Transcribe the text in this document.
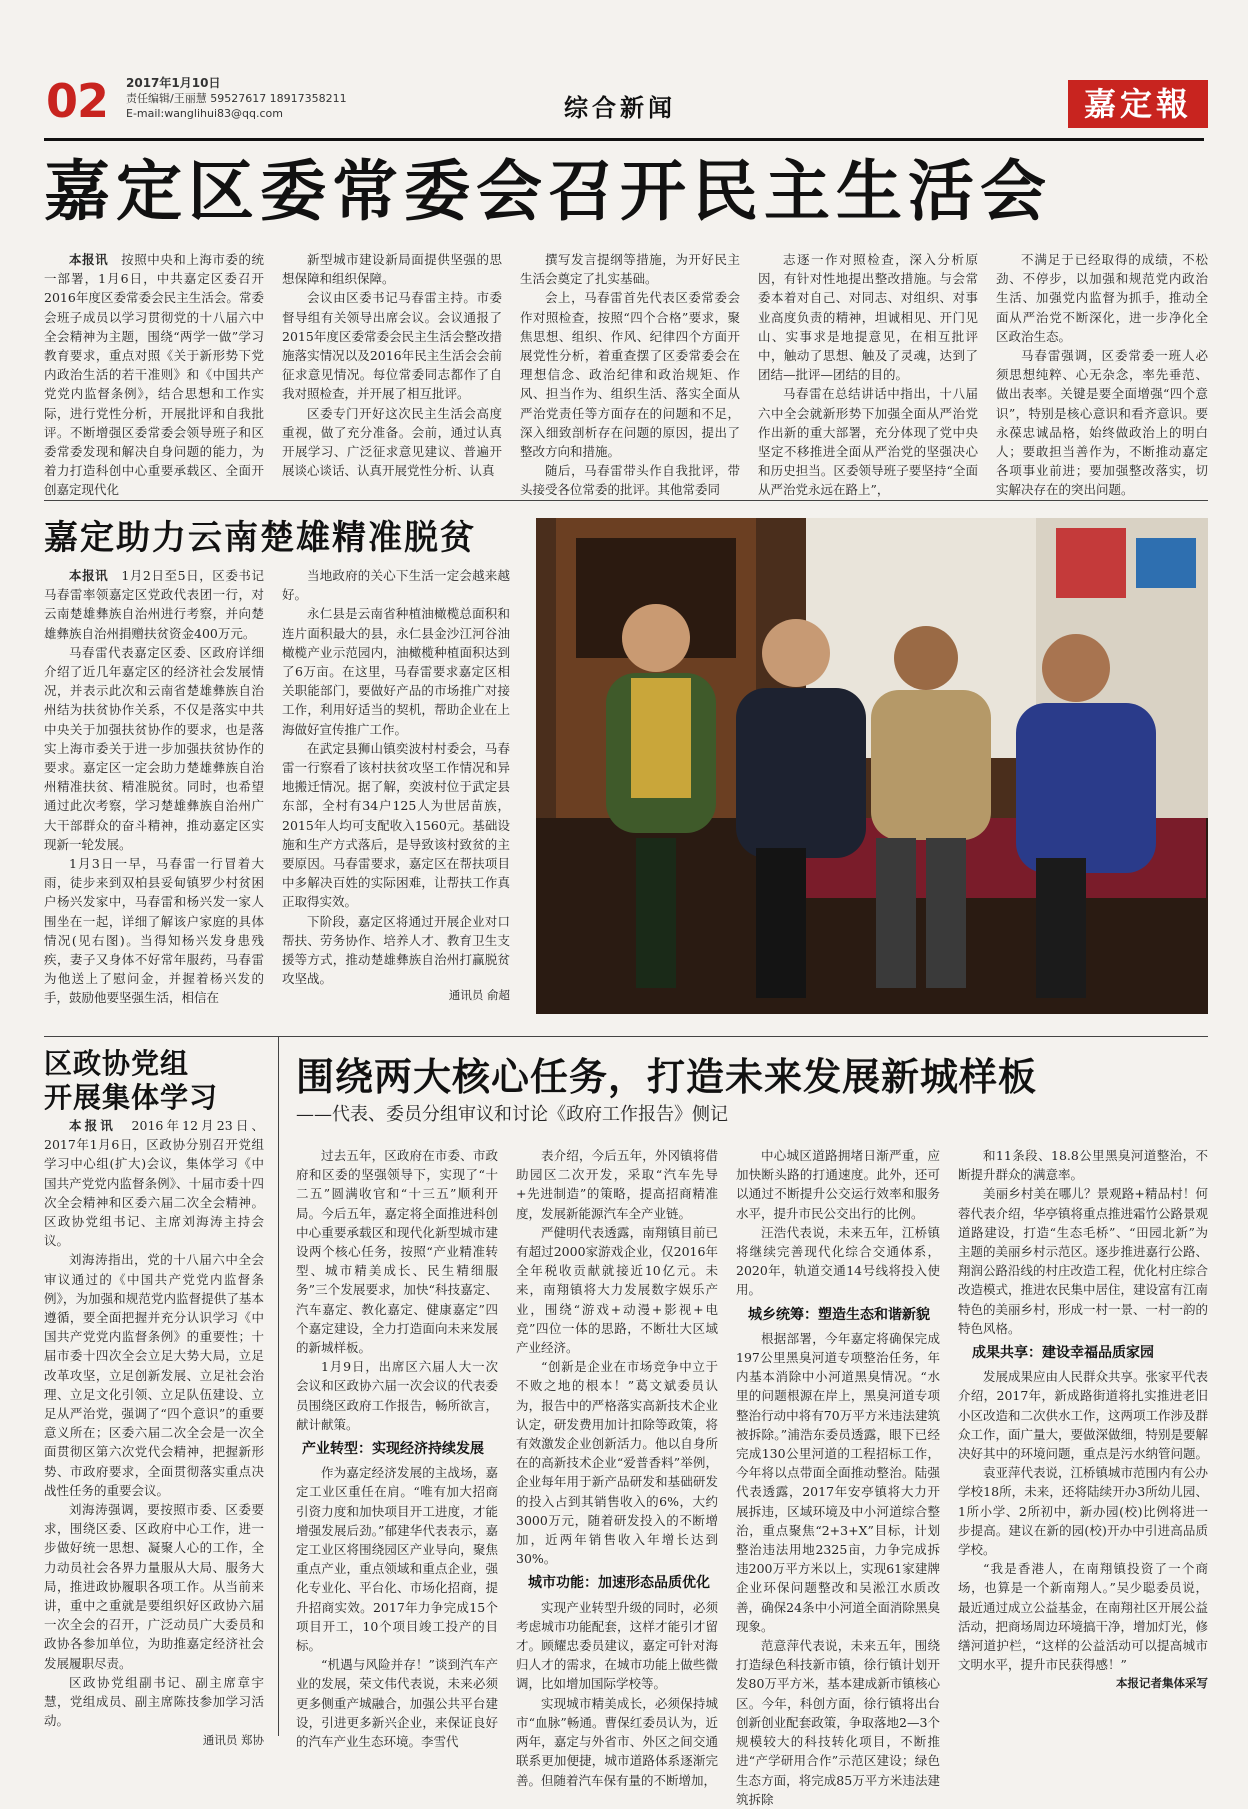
02 2017年1月10日
责任编辑/王丽慧 59527617 18917358211
E-mail:wanglihui83@qq.com	综合新闻	嘉定報
嘉定区委常委会召开民主生活会

本报讯　 按照中央和上海市委的统一部署，1月6日，中共嘉定区委召开2016年度区委常委会民主生活会。常委会班子成员以学习贯彻党的十八届六中全会精神为主题，围绕“两学一做”学习教育要求，重点对照《关于新形势下党内政治生活的若干准则》和《中国共产党党内监督条例》，结合思想和工作实际，进行党性分析，开展批评和自我批评。不断增强区委常委会领导班子和区委常委发现和解决自身问题的能力，为着力打造科创中心重要承载区、全面开创嘉定现代化

新型城市建设新局面提供坚强的思想保障和组织保障。

会议由区委书记马春雷主持。市委督导组有关领导出席会议。会议通报了2015年度区委常委会民主生活会整改措施落实情况以及2016年民主生活会会前征求意见情况。每位常委同志都作了自我对照检查，并开展了相互批评。

区委专门开好这次民主生活会高度重视，做了充分准备。会前，通过认真开展学习、广泛征求意见建议、普遍开展谈心谈话、认真开展党性分析、认真

撰写发言提纲等措施，为开好民主生活会奠定了扎实基础。

会上，马春雷首先代表区委常委会作对照检查，按照“四个合格”要求，聚焦思想、组织、作风、纪律四个方面开展党性分析，着重查摆了区委常委会在理想信念、政治纪律和政治规矩、作风、担当作为、组织生活、落实全面从严治党责任等方面存在的问题和不足，深入细致剖析存在问题的原因，提出了整改方向和措施。

随后，马春雷带头作自我批评，带头接受各位常委的批评。其他常委同

志逐一作对照检查，深入分析原因，有针对性地提出整改措施。与会常委本着对自己、对同志、对组织、对事业高度负责的精神，坦诚相见、开门见山、实事求是地提意见，在相互批评中，触动了思想、触及了灵魂，达到了团结—批评—团结的目的。

马春雷在总结讲话中指出，十八届六中全会就新形势下加强全面从严治党作出新的重大部署，充分体现了党中央坚定不移推进全面从严治党的坚强决心和历史担当。区委领导班子要坚持“全面从严治党永远在路上”，

不满足于已经取得的成绩，不松劲、不停步，以加强和规范党内政治生活、加强党内监督为抓手，推动全面从严治党不断深化，进一步净化全区政治生态。

马春雷强调，区委常委一班人必须思想纯粹、心无杂念，率先垂范、做出表率。关键是要全面增强“四个意识”，特别是核心意识和看齐意识。要永葆忠诚品格，始终做政治上的明白人；要敢担当善作为，不断推动嘉定各项事业前进；要加强整改落实，切实解决存在的突出问题。

嘉定助力云南楚雄精准脱贫

本报讯　 1月2日至5日，区委书记马春雷率领嘉定区党政代表团一行，对云南楚雄彝族自治州进行考察，并向楚雄彝族自治州捐赠扶贫资金400万元。

马春雷代表嘉定区委、区政府详细介绍了近几年嘉定区的经济社会发展情况，并表示此次和云南省楚雄彝族自治州结为扶贫协作关系，不仅是落实中共中央关于加强扶贫协作的要求，也是落实上海市委关于进一步加强扶贫协作的要求。嘉定区一定会助力楚雄彝族自治州精准扶贫、精准脱贫。同时，也希望通过此次考察，学习楚雄彝族自治州广大干部群众的奋斗精神，推动嘉定区实现新一轮发展。

1月3日一早，马春雷一行冒着大雨，徒步来到双柏县妥甸镇罗少村贫困户杨兴发家中，马春雷和杨兴发一家人围坐在一起，详细了解该户家庭的具体情况(见右图)。当得知杨兴发身患残疾，妻子又身体不好常年服药，马春雷为他送上了慰问金，并握着杨兴发的手，鼓励他要坚强生活，相信在

当地政府的关心下生活一定会越来越好。

永仁县是云南省种植油橄榄总面积和连片面积最大的县，永仁县金沙江河谷油橄榄产业示范园内，油橄榄种植面积达到了6万亩。在这里，马春雷要求嘉定区相关职能部门，要做好产品的市场推广对接工作，利用好适当的契机，帮助企业在上海做好宣传推广工作。

在武定县狮山镇奕波村村委会，马春雷一行察看了该村扶贫攻坚工作情况和异地搬迁情况。据了解，奕波村位于武定县东部，全村有34户125人为世居苗族，2015年人均可支配收入1560元。基础设施和生产方式落后，是导致该村致贫的主要原因。马春雷要求，嘉定区在帮扶项目中多解决百姓的实际困难，让帮扶工作真正取得实效。

下阶段，嘉定区将通过开展企业对口帮扶、劳务协作、培养人才、教育卫生支援等方式，推动楚雄彝族自治州打赢脱贫攻坚战。

通讯员 俞超
区政协党组
开展集体学习

本报讯　 2016年12月23日、2017年1月6日，区政协分别召开党组学习中心组(扩大)会议，集体学习《中国共产党党内监督条例》、十届市委十四次全会精神和区委六届二次全会精神。区政协党组书记、主席刘海涛主持会议。

刘海涛指出，党的十八届六中全会审议通过的《中国共产党党内监督条例》，为加强和规范党内监督提供了基本遵循，要全面把握并充分认识学习《中国共产党党内监督条例》的重要性；十届市委十四次全会立足大势大局，立足改革攻坚，立足创新发展、立足社会治理、立足文化引领、立足队伍建设、立足从严治党，强调了“四个意识”的重要意义所在；区委六届二次全会是一次全面贯彻区第六次党代会精神，把握新形势、市政府要求，全面贯彻落实重点决战性任务的重要会议。

刘海涛强调，要按照市委、区委要求，围绕区委、区政府中心工作，进一步做好统一思想、凝聚人心的工作，全力动员社会各界力量服从大局、服务大局，推进政协履职各项工作。从当前来讲，重中之重就是要组织好区政协六届一次全会的召开，广泛动员广大委员和政协各参加单位，为助推嘉定经济社会发展履职尽责。

区政协党组副书记、副主席章宇慧，党组成员、副主席陈技参加学习活动。

通讯员 郑协
围绕两大核心任务，打造未来发展新城样板
——代表、委员分组审议和讨论《政府工作报告》侧记

过去五年，区政府在市委、市政府和区委的坚强领导下，实现了“十二五”圆满收官和“十三五”顺利开局。今后五年，嘉定将全面推进科创中心重要承载区和现代化新型城市建设两个核心任务，按照“产业精准转型、城市精美成长、民生精细服务”三个发展要求，加快“科技嘉定、汽车嘉定、教化嘉定、健康嘉定”四个嘉定建设，全力打造面向未来发展的新城样板。

1月9日，出席区六届人大一次会议和区政协六届一次会议的代表委员围绕区政府工作报告，畅所欲言，献计献策。

产业转型：实现经济持续发展

作为嘉定经济发展的主战场，嘉定工业区重任在肩。“唯有加大招商引资力度和加快项目开工进度，才能增强发展后劲。”郁建华代表表示，嘉定工业区将围绕园区产业导向，聚焦重点产业，重点领域和重点企业，强化专业化、平台化、市场化招商，提升招商实效。2017年力争完成15个项目开工，10个项目竣工投产的目标。

“机遇与风险并存！”谈到汽车产业的发展，荣文伟代表说，未来必须更多侧重产城融合，加强公共平台建设，引进更多新兴企业，来保证良好的汽车产业生态环境。李雪代

表介绍，今后五年，外冈镇将借助园区二次开发，采取“汽车先导+先进制造”的策略，提高招商精准度，发展新能源汽车全产业链。

严健明代表透露，南翔镇目前已有超过2000家游戏企业，仅2016年全年税收贡献就接近10亿元。未来，南翔镇将大力发展数字娱乐产业，围绕“游戏+动漫+影视+电竞”四位一体的思路，不断壮大区域产业经济。

“创新是企业在市场竞争中立于不败之地的根本！”葛文斌委员认为，报告中的严格落实高新技术企业认定，研发费用加计扣除等政策，将有效激发企业创新活力。他以自身所在的高新技术企业“爱普香料”举例，企业每年用于新产品研发和基础研发的投入占到其销售收入的6%，大约3000万元，随着研发投入的不断增加，近两年销售收入年增长达到30%。

城市功能：加速形态品质优化

实现产业转型升级的同时，必须考虑城市功能配套，这样才能引才留才。顾耀忠委员建议，嘉定可针对海归人才的需求，在城市功能上做些微调，比如增加国际学校等。

实现城市精美成长，必须保持城市“血脉”畅通。曹保红委员认为，近两年，嘉定与外省市、外区之间交通联系更加便捷，城市道路体系逐渐完善。但随着汽车保有量的不断增加，

中心城区道路拥堵日渐严重，应加快断头路的打通速度。此外，还可以通过不断提升公交运行效率和服务水平，提升市民公交出行的比例。

汪浩代表说，未来五年，江桥镇将继续完善现代化综合交通体系，2020年，轨道交通14号线将投入使用。

城乡统筹：塑造生态和谐新貌

根据部署，今年嘉定将确保完成197公里黑臭河道专项整治任务，年内基本消除中小河道黑臭情况。“水里的问题根源在岸上，黑臭河道专项整治行动中将有70万平方米违法建筑被拆除。”浦浩东委员透露，眼下已经完成130公里河道的工程招标工作，今年将以点带面全面推动整治。陆强代表透露，2017年安亭镇将大力开展拆违，区域环境及中小河道综合整治，重点聚焦“2+3+X”目标，计划整治违法用地2325亩，力争完成拆违200万平方米以上，实现61家建牌企业环保问题整改和吴淞江水质改善，确保24条中小河道全面消除黑臭现象。

范意萍代表说，未来五年，围绕打造绿色科技新市镇，徐行镇计划开发80万平方米，基本建成新市镇核心区。今年，科创方面，徐行镇将出台创新创业配套政策，争取落地2—3个规模较大的科技转化项目，不断推进“产学研用合作”示范区建设；绿色生态方面，将完成85万平方米违法建筑拆除

和11条段、18.8公里黑臭河道整治，不断提升群众的满意率。

美丽乡村美在哪儿？景观路+精品村！何蓉代表介绍，华亭镇将重点推进霜竹公路景观道路建设，打造“生态毛桥”、“田园北新”为主题的美丽乡村示范区。逐步推进嘉行公路、翔润公路沿线的村庄改造工程，优化村庄综合改造模式，推进农民集中居住，建设富有江南特色的美丽乡村，形成一村一景、一村一韵的特色风格。

成果共享：建设幸福品质家园

发展成果应由人民群众共享。张家平代表介绍，2017年，新成路街道将扎实推进老旧小区改造和二次供水工作，这两项工作涉及群众工作，面广量大，要做深做细，特别是要解决好其中的环境问题，重点是污水纳管问题。

袁亚萍代表说，江桥镇城市范围内有公办学校18所，未来，还将陆续开办3所幼儿园、1所小学、2所初中，新办园(校)比例将进一步提高。建议在新的园(校)开办中引进高品质学校。

“我是香港人，在南翔镇投资了一个商场，也算是一个新南翔人。”吴少聪委员说，最近通过成立公益基金，在南翔社区开展公益活动，把商场周边环境搞干净，增加灯光，修缮河道护栏，“这样的公益活动可以提高城市文明水平，提升市民获得感！”

本报记者集体采写
